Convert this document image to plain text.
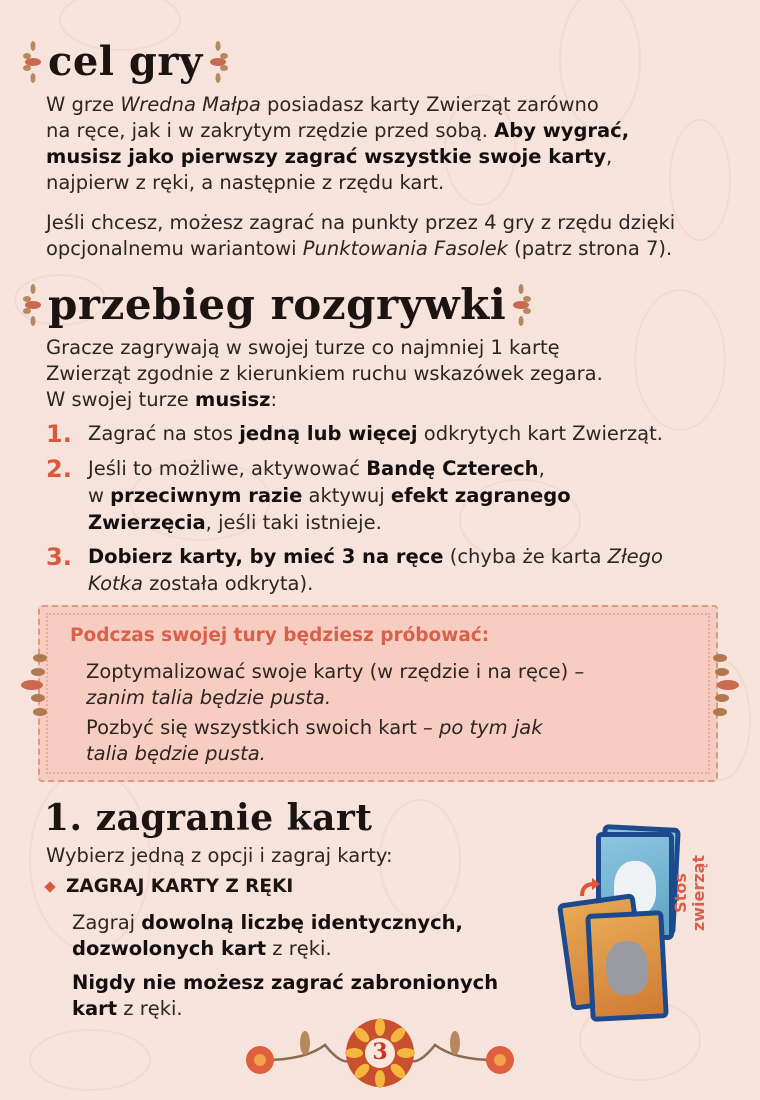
cel gry
W grze Wredna Małpa posiadasz karty Zwierząt zarówno
na ręce, jak i w zakrytym rzędzie przed sobą. Aby wygrać,
musisz jako pierwszy zagrać wszystkie swoje karty,
najpierw z ręki, a następnie z rzędu kart.
Jeśli chcesz, możesz zagrać na punkty przez 4 gry z rzędu dzięki
opcjonalnemu wariantowi Punktowania Fasolek (patrz strona 7).
przebieg rozgrywki
Gracze zagrywają w swojej turze co najmniej 1 kartę
Zwierząt zgodnie z kierunkiem ruchu wskazówek zegara.
W swojej turze musisz:
1. Zagrać na stos jedną lub więcej odkrytych kart Zwierząt.
2. Jeśli to możliwe, aktywować Bandę Czterech,
w przeciwnym razie aktywuj efekt zagranego
Zwierzęcia, jeśli taki istnieje.
3. Dobierz karty, by mieć 3 na ręce (chyba że karta Złego
Kotka została odkryta).
Podczas swojej tury będziesz próbować:
Zoptymalizować swoje karty (w rzędzie i na ręce) –
zanim talia będzie pusta.
Pozbyć się wszystkich swoich kart – po tym jak
talia będzie pusta.
1. zagranie kart
Wybierz jedną z opcji i zagraj karty:
ZAGRAJ KARTY Z RĘKI
Zagraj dowolną liczbę identycznych,
dozwolonych kart z ręki.
Nigdy nie możesz zagrać zabronionych
kart z ręki.
Stos
zwierząt
3
